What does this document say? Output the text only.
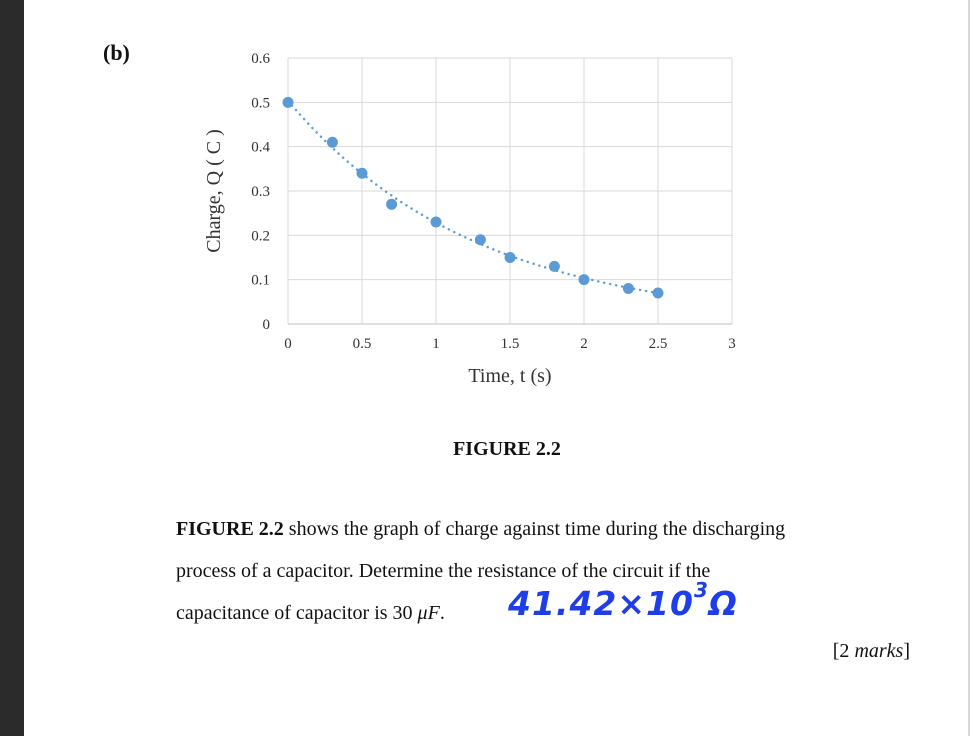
(b)
0
0.1
0.2
0.3
0.4
0.5
0.6
0	0.5	1	1.5	2	2.5	3
Charge, Q ( C )
Time, t (s)
FIGURE 2.2
FIGURE 2.2 shows the graph of charge against time during the discharging
process of a capacitor. Determine the resistance of the circuit if the
capacitance of capacitor is 30 μF. $41.42\times 10^3\Omega$
[2 marks]
